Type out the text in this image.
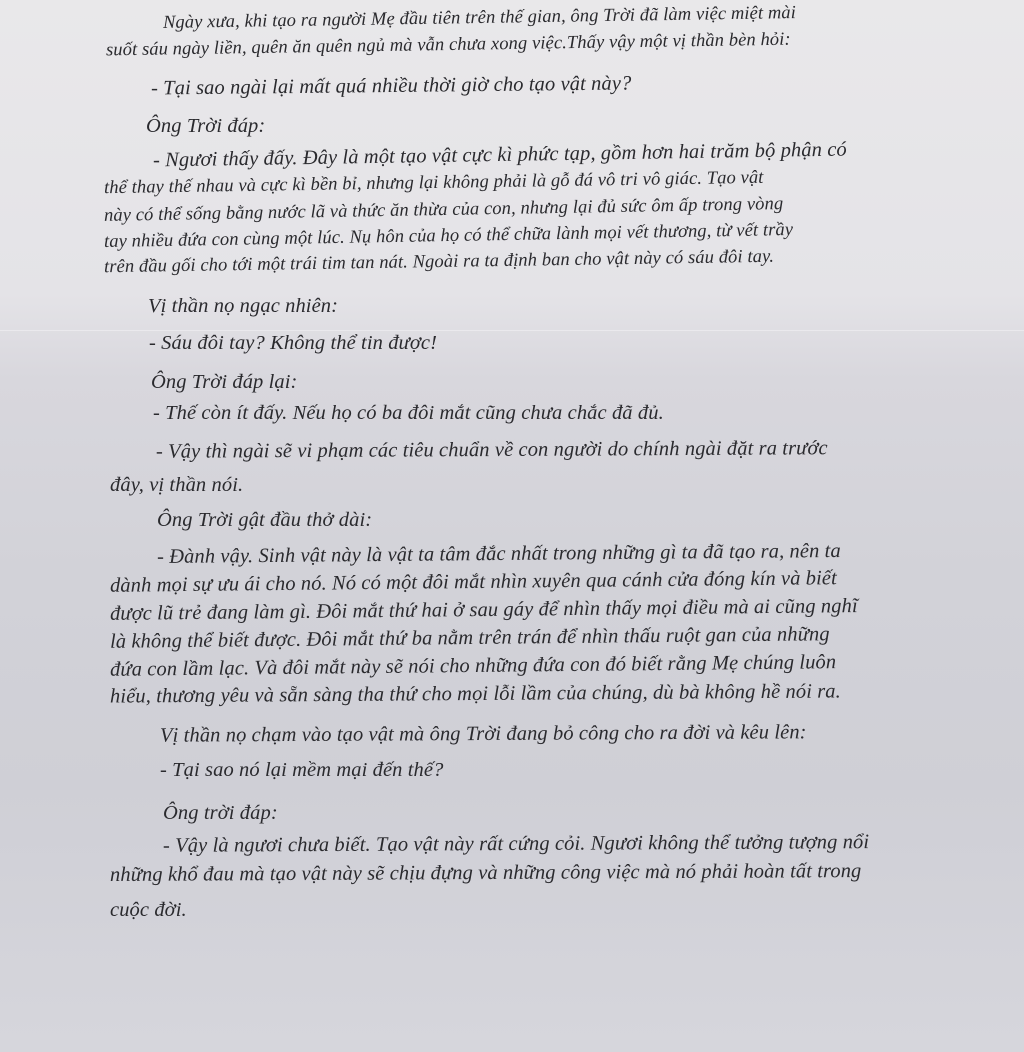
Ngày xưa, khi tạo ra người Mẹ đầu tiên trên thế gian, ông Trời đã làm việc miệt mài
suốt sáu ngày liền, quên ăn quên ngủ mà vẫn chưa xong việc.Thấy vậy một vị thần bèn hỏi:
- Tại sao ngài lại mất quá nhiều thời giờ cho tạo vật này?
Ông Trời đáp:
- Ngươi thấy đấy. Đây là một tạo vật cực kì phức tạp, gồm hơn hai trăm bộ phận có
thể thay thế nhau và cực kì bền bỉ, nhưng lại không phải là gỗ đá vô tri vô giác. Tạo vật
này có thể sống bằng nước lã và thức ăn thừa của con, nhưng lại đủ sức ôm ấp trong vòng
tay nhiều đứa con cùng một lúc. Nụ hôn của họ có thể chữa lành mọi vết thương, từ vết trầy
trên đầu gối cho tới một trái tim tan nát. Ngoài ra ta định ban cho vật này có sáu đôi tay.
Vị thần nọ ngạc nhiên:
- Sáu đôi tay? Không thể tin được!
Ông Trời đáp lại:
- Thế còn ít đấy. Nếu họ có ba đôi mắt cũng chưa chắc đã đủ.
- Vậy thì ngài sẽ vi phạm các tiêu chuẩn về con người do chính ngài đặt ra trước
đây, vị thần nói.
Ông Trời gật đầu thở dài:
- Đành vậy. Sinh vật này là vật ta tâm đắc nhất trong những gì ta đã tạo ra, nên ta
dành mọi sự ưu ái cho nó. Nó có một đôi mắt nhìn xuyên qua cánh cửa đóng kín và biết
được lũ trẻ đang làm gì. Đôi mắt thứ hai ở sau gáy để nhìn thấy mọi điều mà ai cũng nghĩ
là không thể biết được. Đôi mắt thứ ba nằm trên trán để nhìn thấu ruột gan của những
đứa con lầm lạc. Và đôi mắt này sẽ nói cho những đứa con đó biết rằng Mẹ chúng luôn
hiểu, thương yêu và sẵn sàng tha thứ cho mọi lỗi lầm của chúng, dù bà không hề nói ra.
Vị thần nọ chạm vào tạo vật mà ông Trời đang bỏ công cho ra đời và kêu lên:
- Tại sao nó lại mềm mại đến thế?
Ông trời đáp:
- Vậy là ngươi chưa biết. Tạo vật này rất cứng cỏi. Ngươi không thể tưởng tượng nổi
những khổ đau mà tạo vật này sẽ chịu đựng và những công việc mà nó phải hoàn tất trong
cuộc đời.
